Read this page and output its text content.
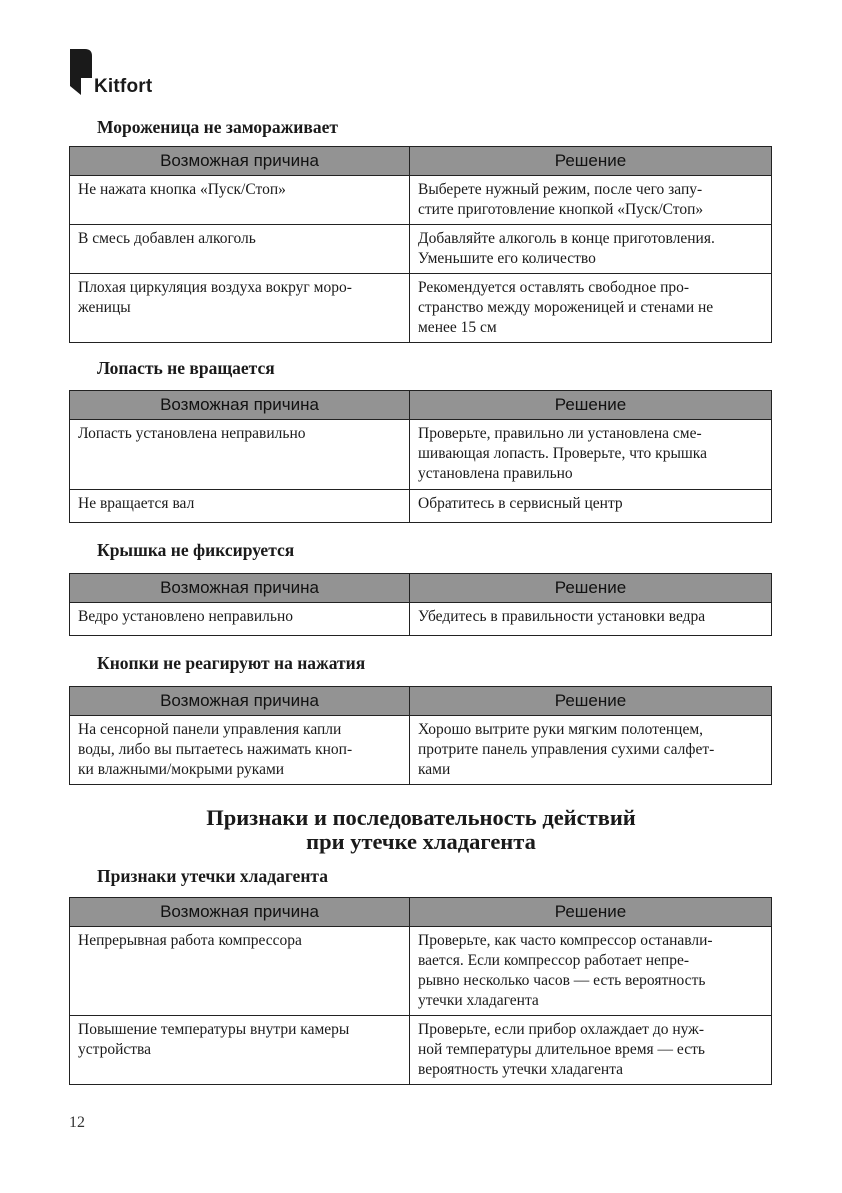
Kitfort
Мороженица не замораживает
Возможная причина	Решение
Не нажата кнопка «Пуск/Стоп»	Выберете нужный режим, после чего запу-
стите приготовление кнопкой «Пуск/Стоп»
В смесь добавлен алкоголь	Добавляйте алкоголь в конце приготовления.
Уменьшите его количество
Плохая циркуляция воздуха вокруг моро-
женицы	Рекомендуется оставлять свободное про-
странство между мороженицей и стенами не
менее 15 см
Лопасть не вращается
Возможная причина	Решение
Лопасть установлена неправильно	Проверьте, правильно ли установлена сме-
шивающая лопасть. Проверьте, что крышка
установлена правильно
Не вращается вал	Обратитесь в сервисный центр
Крышка не фиксируется
Возможная причина	Решение
Ведро установлено неправильно	Убедитесь в правильности установки ведра
Кнопки не реагируют на нажатия
Возможная причина	Решение
На сенсорной панели управления капли
воды, либо вы пытаетесь нажимать кноп-
ки влажными/мокрыми руками	Хорошо вытрите руки мягким полотенцем,
протрите панель управления сухими салфет-
ками
Признаки и последовательность действий
при утечке хладагента
Признаки утечки хладагента
Возможная причина	Решение
Непрерывная работа компрессора	Проверьте, как часто компрессор останавли-
вается. Если компрессор работает непре-
рывно несколько часов — есть вероятность
утечки хладагента
Повышение температуры внутри камеры
устройства	Проверьте, если прибор охлаждает до нуж-
ной температуры длительное время — есть
вероятность утечки хладагента
12
